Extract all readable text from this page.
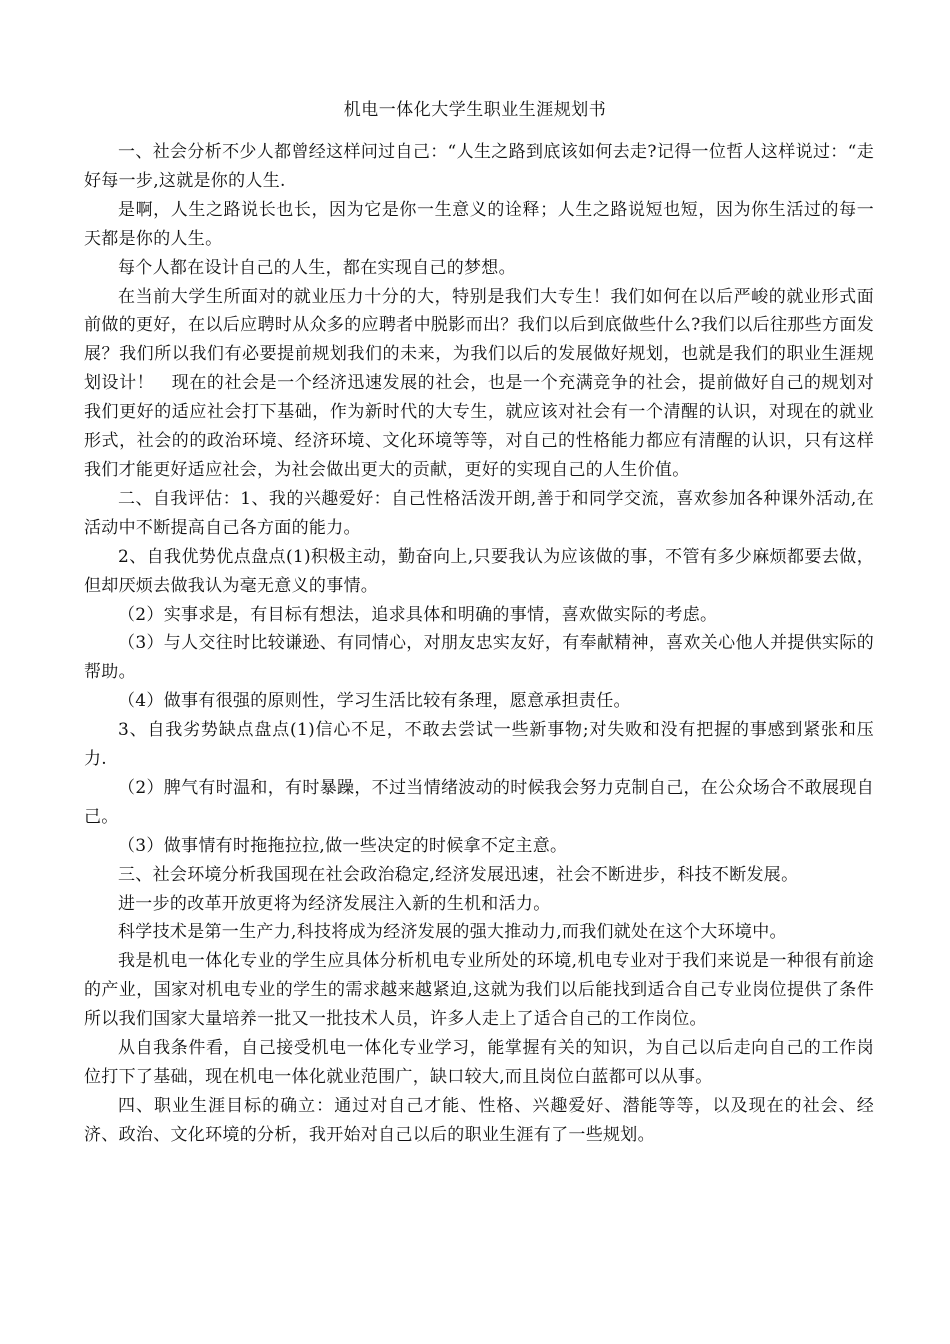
机电一体化大学生职业生涯规划书

一、社会分析不少人都曾经这样问过自己：“人生之路到底该如何去走?记得一位哲人这样说过：“走好每一步,这就是你的人生.

是啊，人生之路说长也长，因为它是你一生意义的诠释；人生之路说短也短，因为你生活过的每一天都是你的人生。

每个人都在设计自己的人生，都在实现自己的梦想。

在当前大学生所面对的就业压力十分的大，特别是我们大专生！我们如何在以后严峻的就业形式面前做的更好，在以后应聘时从众多的应聘者中脱影而出？我们以后到底做些什么?我们以后往那些方面发展？我们所以我们有必要提前规划我们的未来，为我们以后的发展做好规划，也就是我们的职业生涯规划设计！　现在的社会是一个经济迅速发展的社会，也是一个充满竞争的社会，提前做好自己的规划对我们更好的适应社会打下基础，作为新时代的大专生，就应该对社会有一个清醒的认识，对现在的就业形式，社会的的政治环境、经济环境、文化环境等等，对自己的性格能力都应有清醒的认识，只有这样我们才能更好适应社会，为社会做出更大的贡献，更好的实现自己的人生价值。

二、自我评估：1、我的兴趣爱好：自己性格活泼开朗,善于和同学交流，喜欢参加各种课外活动,在活动中不断提高自己各方面的能力。

2、自我优势优点盘点(1)积极主动，勤奋向上,只要我认为应该做的事，不管有多少麻烦都要去做，但却厌烦去做我认为毫无意义的事情。

（2）实事求是，有目标有想法，追求具体和明确的事情，喜欢做实际的考虑。

（3）与人交往时比较谦逊、有同情心，对朋友忠实友好，有奉献精神，喜欢关心他人并提供实际的帮助。

（4）做事有很强的原则性，学习生活比较有条理，愿意承担责任。

3、自我劣势缺点盘点(1)信心不足，不敢去尝试一些新事物;对失败和没有把握的事感到紧张和压力.

（2）脾气有时温和，有时暴躁，不过当情绪波动的时候我会努力克制自己，在公众场合不敢展现自己。

（3）做事情有时拖拖拉拉,做一些决定的时候拿不定主意。

三、社会环境分析我国现在社会政治稳定,经济发展迅速，社会不断进步，科技不断发展。

进一步的改革开放更将为经济发展注入新的生机和活力。

科学技术是第一生产力,科技将成为经济发展的强大推动力,而我们就处在这个大环境中。

我是机电一体化专业的学生应具体分析机电专业所处的环境,机电专业对于我们来说是一种很有前途的产业，国家对机电专业的学生的需求越来越紧迫,这就为我们以后能找到适合自己专业岗位提供了条件所以我们国家大量培养一批又一批技术人员，许多人走上了适合自己的工作岗位。

从自我条件看，自己接受机电一体化专业学习，能掌握有关的知识，为自己以后走向自己的工作岗位打下了基础，现在机电一体化就业范围广，缺口较大,而且岗位白蓝都可以从事。

四、职业生涯目标的确立：通过对自己才能、性格、兴趣爱好、潜能等等，以及现在的社会、经济、政治、文化环境的分析，我开始对自己以后的职业生涯有了一些规划。
